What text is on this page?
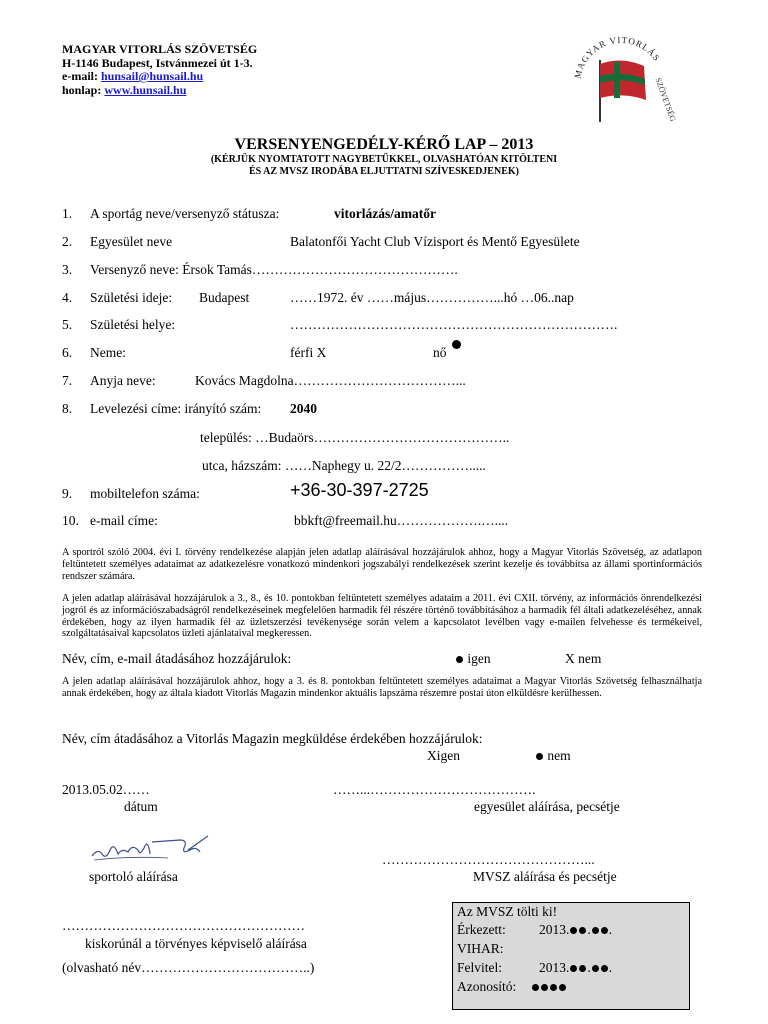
MAGYAR VITORLÁS SZÖVETSÉG
H-1146 Budapest, Istvánmezei út 1-3.
e-mail: hunsail@hunsail.hu
honlap: www.hunsail.hu
MAGYAR VITORLÁS
SZÖVETSÉG
VERSENYENGEDÉLY-KÉRŐ LAP – 2013
(KÉRJÜK NYOMTATOTT NAGYBETŰKKEL, OLVASHATÓAN KITÖLTENI
ÉS AZ MVSZ IRODÁBA ELJUTTATNI SZÍVESKEDJENEK)
1. A sportág neve/versenyző státusza:	vitorlázás/amatőr
2. Egyesület neve	Balatonfői Yacht Club Vízisport és Mentő Egyesülete
3. Versenyző neve: Érsok Tamás……………………………………….
4. Születési ideje: Budapest	……1972. év ……május……………...hó …06..nap
5. Születési helye:	……………………………………………………………….
6. Neme:	férfi X	nő
7. Anyja neve:	Kovács Magdolna………………………………...
8. Levelezési címe: irányító szám: 2040
település: …Budaörs……………………………………..
utca, házszám: ……Naphegy u. 22/2…………….....
9. mobiltelefon száma:	+36-30-397-2725
10. e-mail címe:	bbkft@freemail.hu……………….…....
A sportról szóló 2004. évi I. törvény rendelkezése alapján jelen adatlap aláírásával hozzájárulok ahhoz, hogy a Magyar Vitorlás Szövetség, az adatlapon feltüntetett személyes adataimat az adatkezelésre vonatkozó mindenkori jogszabályi rendelkezések szerint kezelje és továbbítsa az állami sportinformációs rendszer számára.
A jelen adatlap aláírásával hozzájárulok a 3., 8., és 10. pontokban feltüntetett személyes adataim a 2011. évi CXII. törvény, az információs önrendelkezési jogról és az információszabadságról rendelkezéseinek megfelelően harmadik fél részére történő továbbításához a harmadik fél általi adatkezeléséhez, annak érdekében, hogy az ilyen harmadik fél az üzletszerzési tevékenysége során velem a kapcsolatot levélben vagy e-mailen felvehesse és termékeivel, szolgáltatásaival kapcsolatos üzleti ajánlataival megkeressen.
Név, cím, e-mail átadásához hozzájárulok:	igen	X nem
A jelen adatlap aláírásával hozzájárulok ahhoz, hogy a 3. és 8. pontokban feltüntetett személyes adataimat a Magyar Vitorlás Szövetség felhasználhatja annak érdekében, hogy az általa kiadott Vitorlás Magazin mindenkor aktuális lapszáma részemre postai úton elküldésre kerülhessen.
Név, cím átadásához a Vitorlás Magazin megküldése érdekében hozzájárulok:
Xigen	nem
2013.05.02……
dátum
……...……………………………….
egyesület aláírása, pecsétje
………………………………………...
sportoló aláírása	MVSZ aláírása és pecsétje
………………………………………………
kiskorúnál a törvényes képviselő aláírása
(olvasható név………………………………..)
Az MVSZ tölti ki!
Érkezett: 2013. . .
VIHAR:
Felvitel:	2013. . .
Azonosító:
